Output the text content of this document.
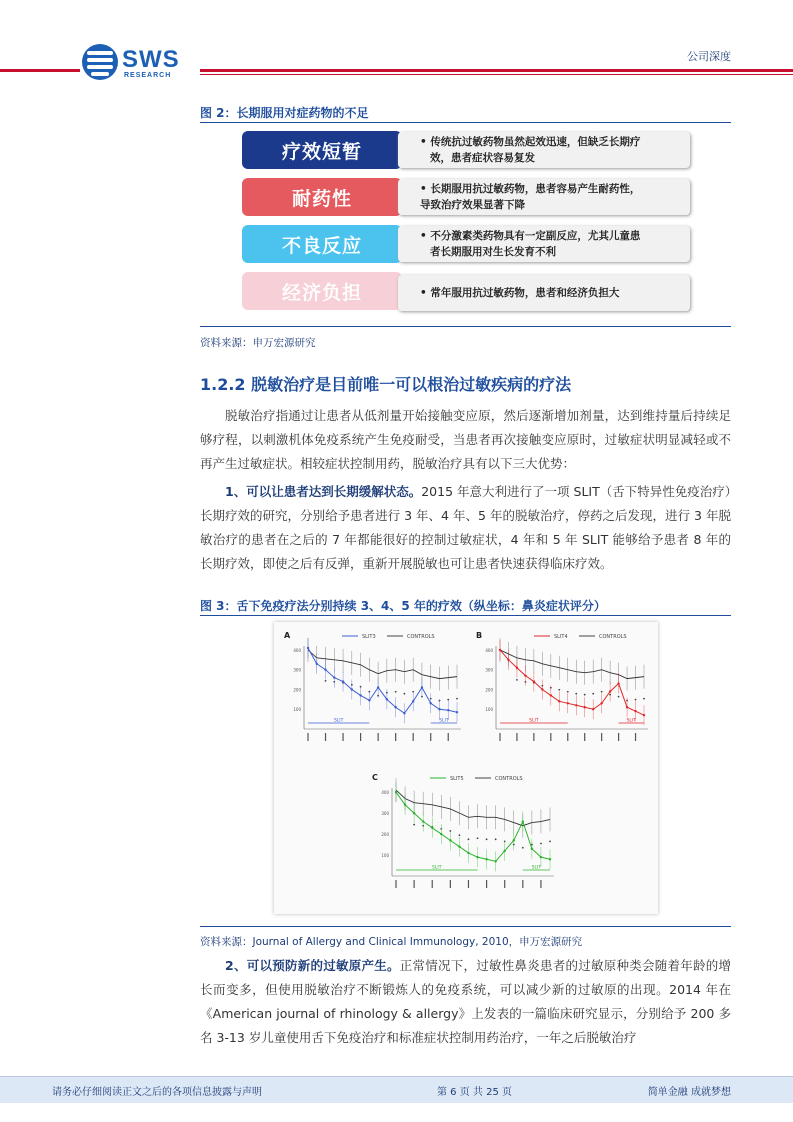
SWS
RESEARCH
公司深度
图 2：长期服用对症药物的不足
疗效短暂	• 传统抗过敏药物虽然起效迅速，但缺乏长期疗
效，患者症状容易复发
耐药性	• 长期服用抗过敏药物，患者容易产生耐药性，
导致治疗效果显著下降
不良反应	• 不分激素类药物具有一定副反应，尤其儿童患
者长期服用对生长发育不利
经济负担	• 常年服用抗过敏药物，患者和经济负担大
资料来源：申万宏源研究
1.2.2 脱敏治疗是目前唯一可以根治过敏疾病的疗法

脱敏治疗指通过让患者从低剂量开始接触变应原，然后逐渐增加剂量，达到维持量后持续足够疗程，以刺激机体免疫系统产生免疫耐受，当患者再次接触变应原时，过敏症状明显减轻或不再产生过敏症状。相较症状控制用药，脱敏治疗具有以下三大优势：

1、可以让患者达到长期缓解状态。2015 年意大利进行了一项 SLIT（舌下特异性免疫治疗）长期疗效的研究，分别给予患者进行 3 年、4 年、5 年的脱敏治疗，停药之后发现，进行 3 年脱敏治疗的患者在之后的 7 年都能很好的控制过敏症状，4 年和 5 年 SLIT 能够给予患者 8 年的长期疗效，即使之后有反弹，重新开展脱敏也可让患者快速获得临床疗效。

图 3：舌下免疫疗法分别持续 3、4、5 年的疗效（纵坐标：鼻炎症状评分）
A	SLIT3	CONTROLS
400
300
200
100
SLIT	SLIT
B	SLIT4	CONTROLS
400
300
200
100
SLIT	SLIT
C	SLIT5	CONTROLS
400
300
200
100
SLIT	SLIT
资料来源：Journal of Allergy and Clinical Immunology, 2010，申万宏源研究

2、可以预防新的过敏原产生。正常情况下，过敏性鼻炎患者的过敏原种类会随着年龄的增长而变多，但使用脱敏治疗不断锻炼人的免疫系统，可以减少新的过敏原的出现。2014 年在《American journal of rhinology & allergy》上发表的一篇临床研究显示，分别给予 200 多名 3-13 岁儿童使用舌下免疫治疗和标准症状控制用药治疗，一年之后脱敏治疗

请务必仔细阅读正文之后的各项信息披露与声明	第 6 页 共 25 页	简单金融 成就梦想
